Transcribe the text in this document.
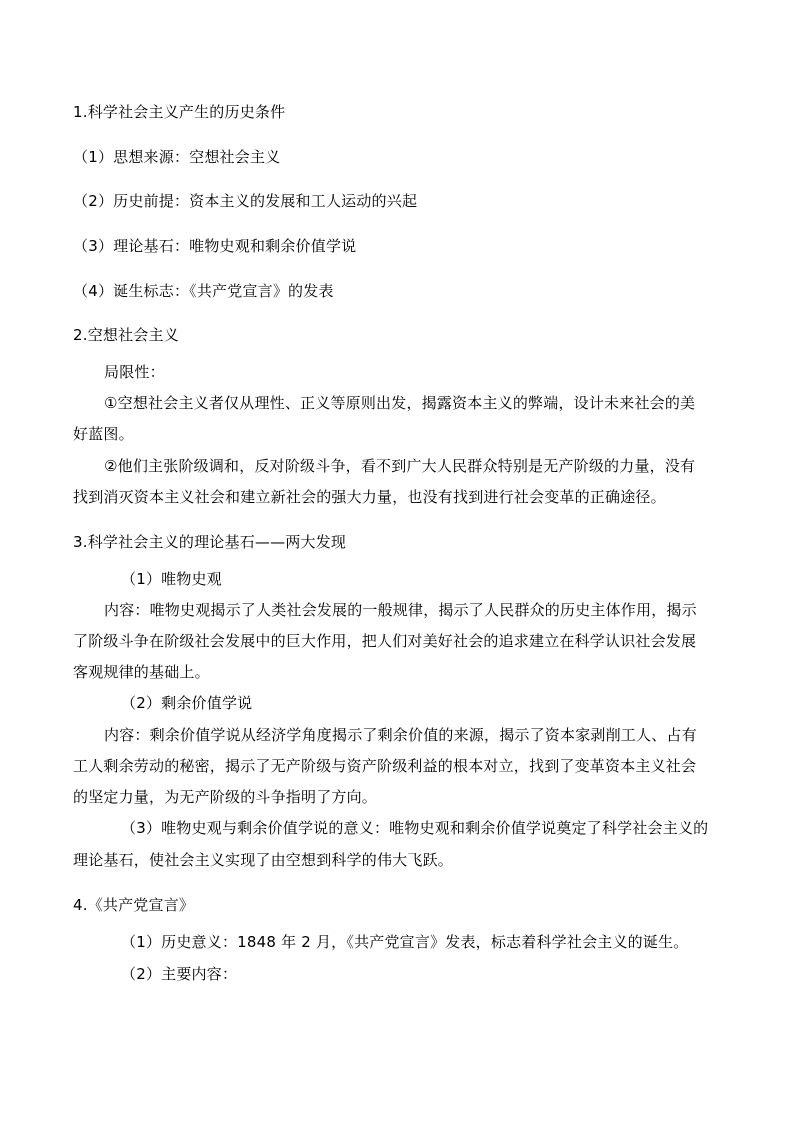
1.科学社会主义产生的历史条件
（1）思想来源：空想社会主义
（2）历史前提：资本主义的发展和工人运动的兴起
（3）理论基石：唯物史观和剩余价值学说
（4）诞生标志：《共产党宣言》的发表
2.空想社会主义
局限性：
①空想社会主义者仅从理性、正义等原则出发，揭露资本主义的弊端，设计未来社会的美
好蓝图。
②他们主张阶级调和，反对阶级斗争，看不到广大人民群众特别是无产阶级的力量，没有
找到消灭资本主义社会和建立新社会的强大力量，也没有找到进行社会变革的正确途径。
3.科学社会主义的理论基石——两大发现
（1）唯物史观
内容：唯物史观揭示了人类社会发展的一般规律，揭示了人民群众的历史主体作用，揭示
了阶级斗争在阶级社会发展中的巨大作用，把人们对美好社会的追求建立在科学认识社会发展
客观规律的基础上。
（2）剩余价值学说
内容：剩余价值学说从经济学角度揭示了剩余价值的来源，揭示了资本家剥削工人、占有
工人剩余劳动的秘密，揭示了无产阶级与资产阶级利益的根本对立，找到了变革资本主义社会
的坚定力量，为无产阶级的斗争指明了方向。
（3）唯物史观与剩余价值学说的意义：唯物史观和剩余价值学说奠定了科学社会主义的
理论基石，使社会主义实现了由空想到科学的伟大飞跃。
4.《共产党宣言》
（1）历史意义：1848 年 2 月，《共产党宣言》发表，标志着科学社会主义的诞生。
（2）主要内容：
